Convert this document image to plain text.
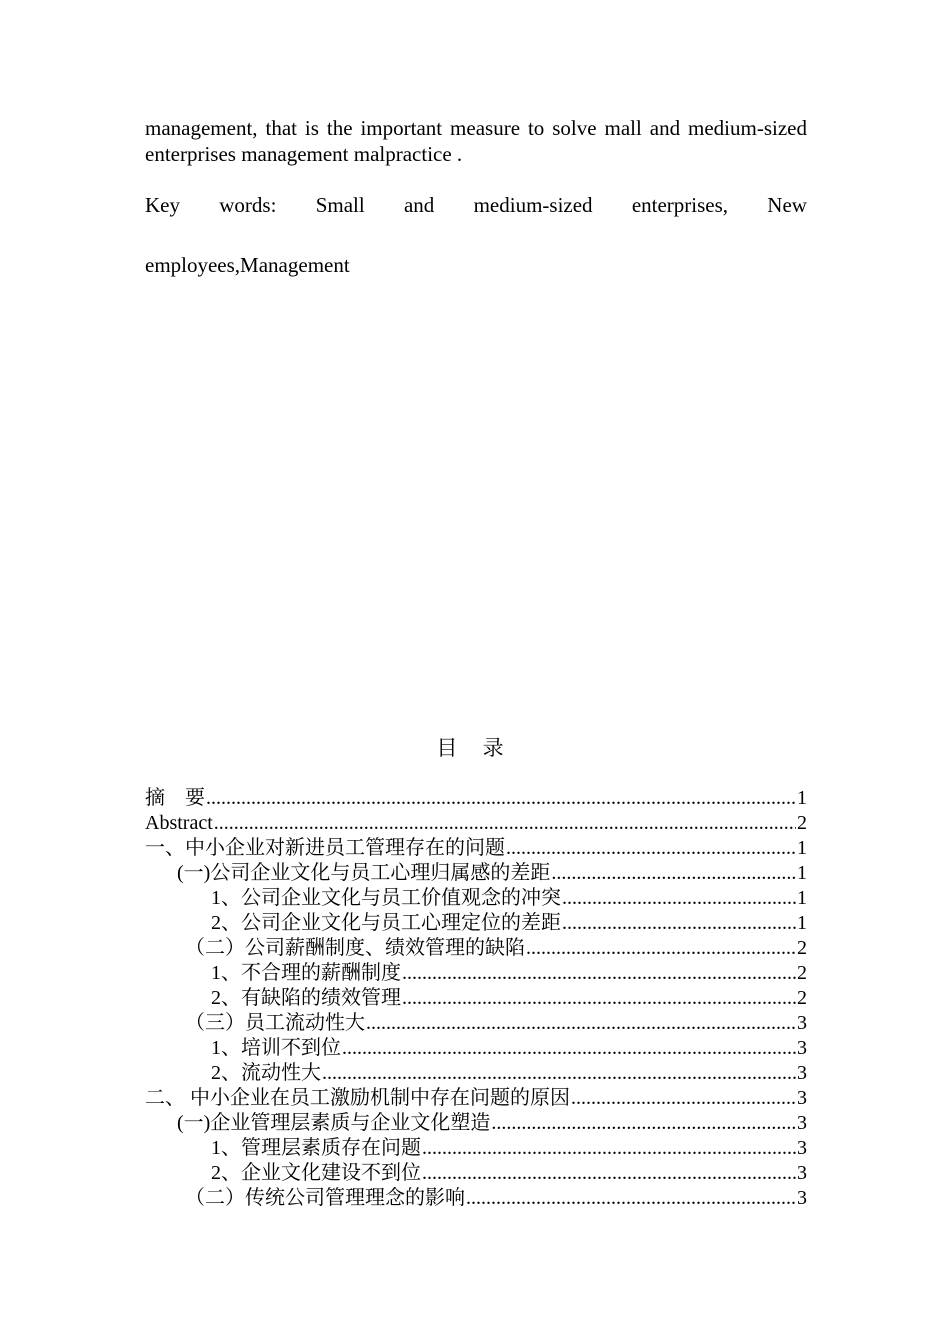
management, that is the important measure to solve mall and medium-sized enterprises management malpractice .
Key words: Small and medium-sized enterprises, New
employees,Management
目 录
摘　要 .....	1
Abstract .....	2
一、中小企业对新进员工管理存在的问题 .....	1
(一)公司企业文化与员工心理归属感的差距 .....	1
1、公司企业文化与员工价值观念的冲突 .....	1
2、公司企业文化与员工心理定位的差距 .....	1
（二）公司薪酬制度、绩效管理的缺陷 .....	2
1、不合理的薪酬制度 .....	2
2、有缺陷的绩效管理 .....	2
（三）员工流动性大 .....	3
1、培训不到位 .....	3
2、流动性大 .....	3
二、 中小企业在员工激励机制中存在问题的原因 .....	3
(一)企业管理层素质与企业文化塑造 .....	3
1、管理层素质存在问题 .....	3
2、企业文化建设不到位 .....	3
（二）传统公司管理理念的影响 .....	3
